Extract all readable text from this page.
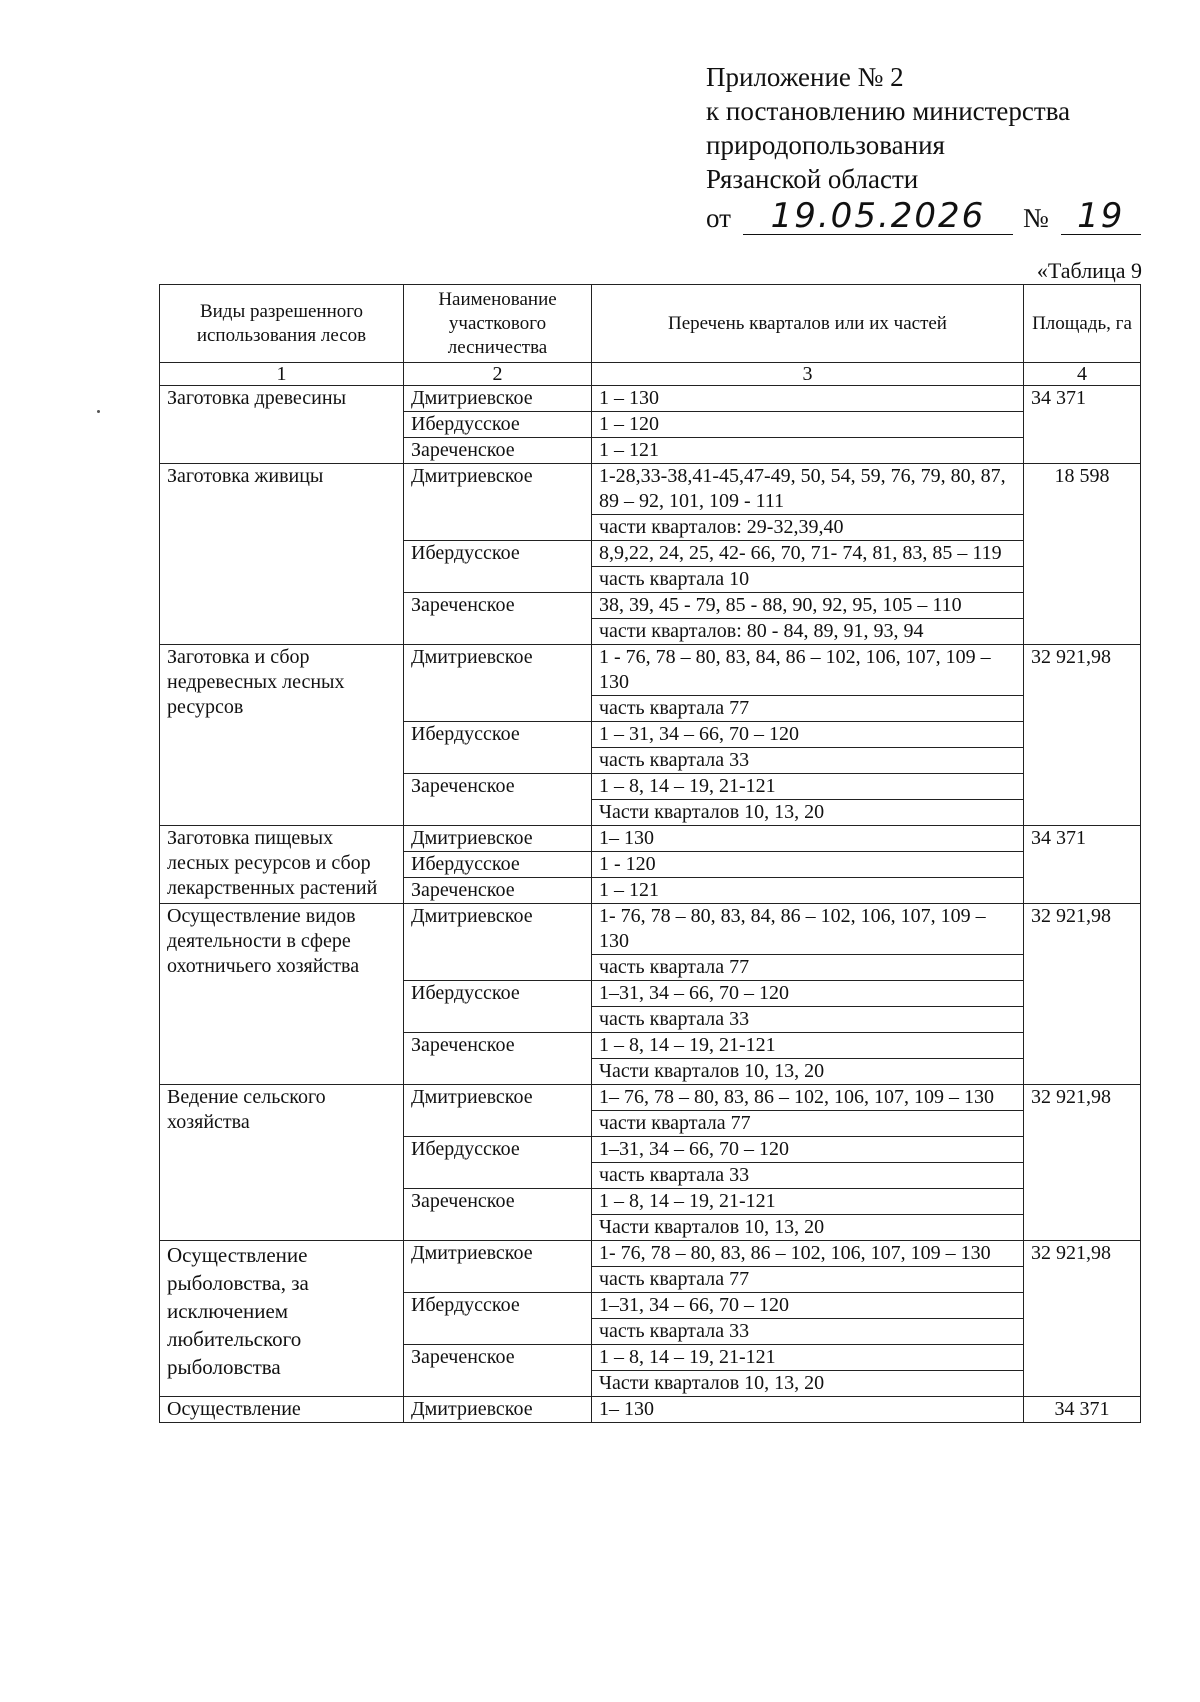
Приложение № 2
к постановлению министерства
природопользования
Рязанской области
от	19.05.2026	№ 19
«Таблица 9
Виды разрешенного использования лесов	Наименование участкового лесничества	Перечень кварталов или их частей	Площадь, га
1	2	3	4
Заготовка древесины	Дмитриевское	1 – 130	34 371
	Ибердусское	1 – 120	
	Зареченское	1 – 121	
Заготовка живицы	Дмитриевское	1-28,33-38,41-45,47-49, 50, 54, 59, 76, 79, 80, 87, 89 – 92, 101, 109 - 111	18 598
		части кварталов: 29-32,39,40	
	Ибердусское	8,9,22, 24, 25, 42- 66, 70, 71- 74, 81, 83, 85 – 119	
		часть квартала 10	
	Зареченское	38, 39, 45 - 79, 85 - 88, 90, 92, 95, 105 – 110	
		части кварталов: 80 - 84, 89, 91, 93, 94	
Заготовка и сбор недревесных лесных ресурсов	Дмитриевское	1 - 76, 78 – 80, 83, 84, 86 – 102, 106, 107, 109 – 130	32 921,98
		часть квартала 77	
	Ибердусское	1 – 31, 34 – 66, 70 – 120	
		часть квартала 33	
	Зареченское	1 – 8, 14 – 19, 21-121	
		Части кварталов 10, 13, 20	
Заготовка пищевых лесных ресурсов и сбор лекарственных растений	Дмитриевское	1– 130	34 371
	Ибердусское	1 - 120	
	Зареченское	1 – 121	
Осуществление видов деятельности в сфере охотничьего хозяйства	Дмитриевское	1- 76, 78 – 80, 83, 84, 86 – 102, 106, 107, 109 – 130	32 921,98
		часть квартала 77	
	Ибердусское	1–31, 34 – 66, 70 – 120	
		часть квартала 33	
	Зареченское	1 – 8, 14 – 19, 21-121	
		Части кварталов 10, 13, 20	
Ведение сельского хозяйства	Дмитриевское	1– 76, 78 – 80, 83, 86 – 102, 106, 107, 109 – 130	32 921,98
		части квартала 77	
	Ибердусское	1–31, 34 – 66, 70 – 120	
		часть квартала 33	
	Зареченское	1 – 8, 14 – 19, 21-121	
		Части кварталов 10, 13, 20	
Осуществление рыболовства, за исключением любительского рыболовства	Дмитриевское	1- 76, 78 – 80, 83, 86 – 102, 106, 107, 109 – 130	32 921,98
		часть квартала 77	
	Ибердусское	1–31, 34 – 66, 70 – 120	
		часть квартала 33	
	Зареченское	1 – 8, 14 – 19, 21-121	
		Части кварталов 10, 13, 20	
Осуществление	Дмитриевское	1– 130	34 371
